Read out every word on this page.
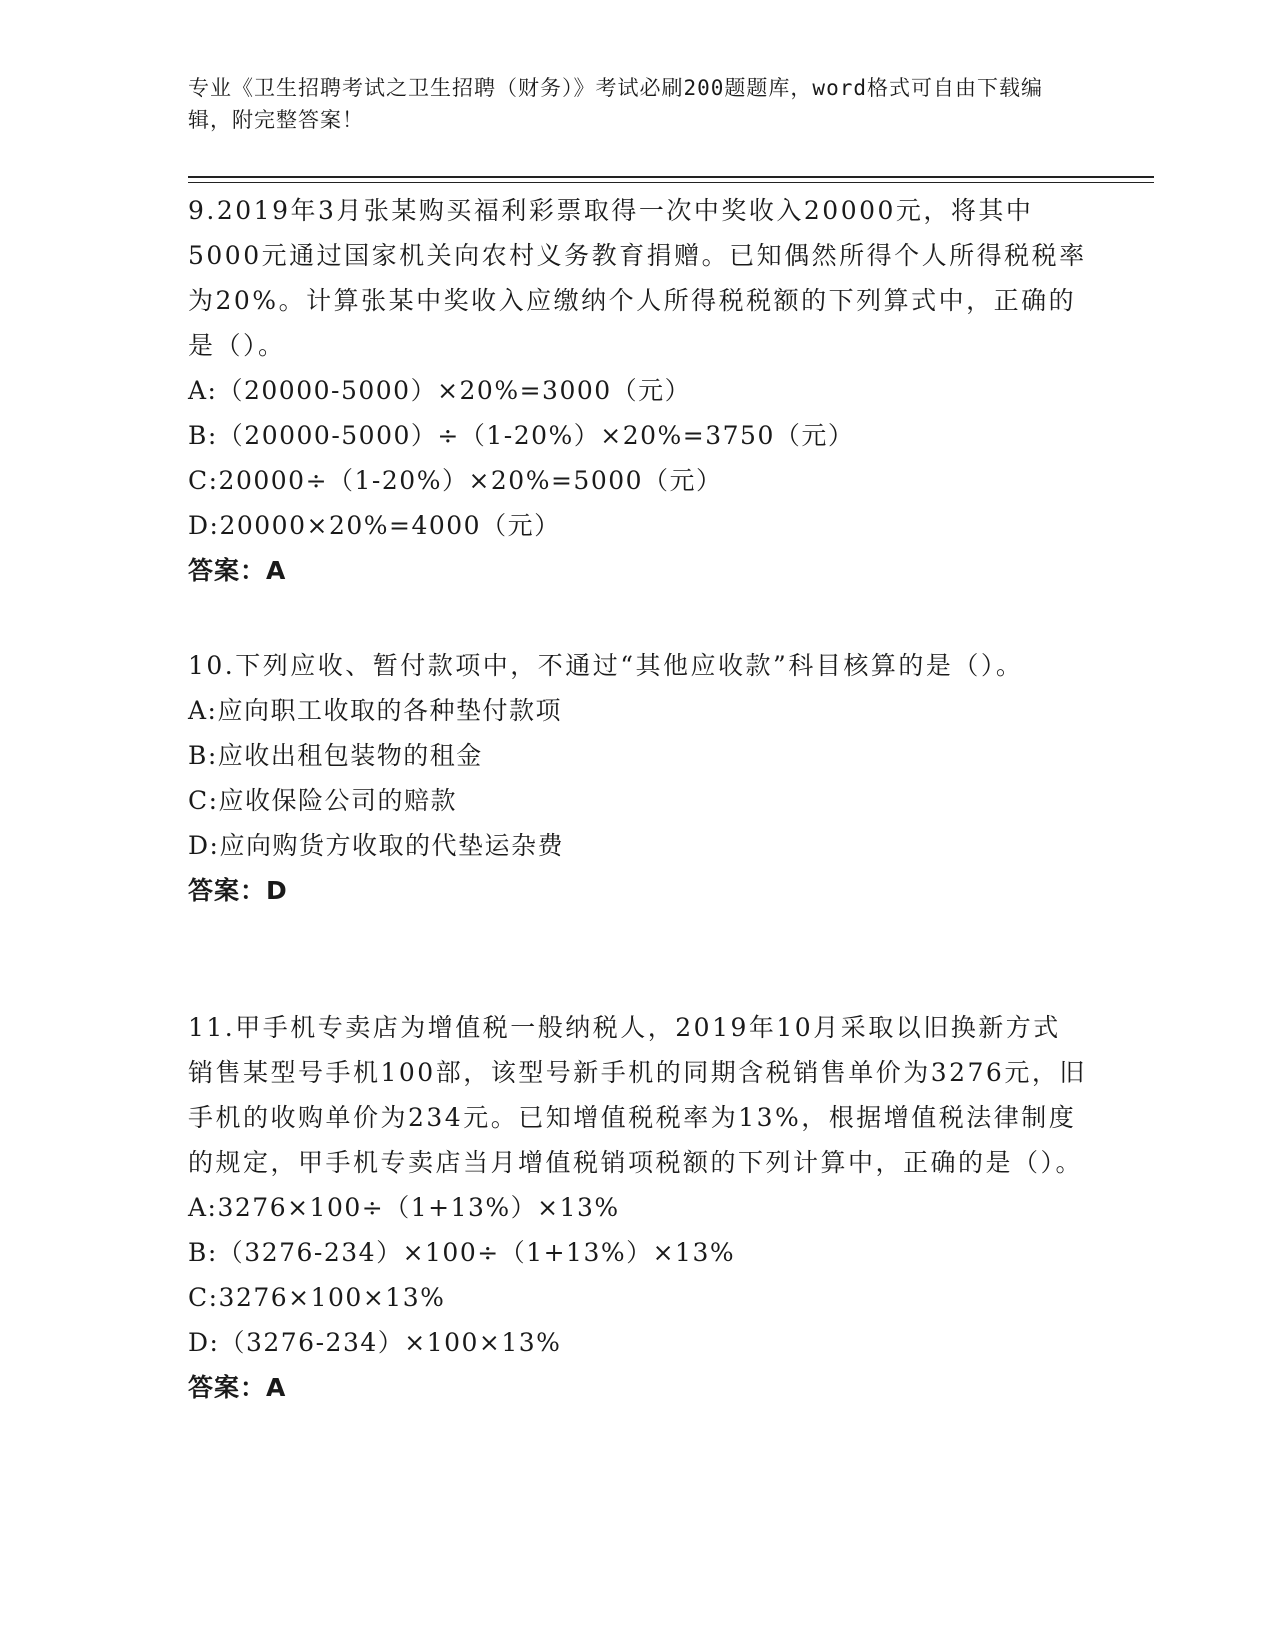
专业《卫生招聘考试之卫生招聘（财务）》考试必刷200题题库，word格式可自由下载编辑，附完整答案！

9.2019年3月张某购买福利彩票取得一次中奖收入20000元，将其中5000元通过国家机关向农村义务教育捐赠。已知偶然所得个人所得税税率为20%。计算张某中奖收入应缴纳个人所得税税额的下列算式中，正确的是（）。

A:（20000-5000）×20%=3000（元）

B:（20000-5000）÷（1-20%）×20%=3750（元）

C:20000÷（1-20%）×20%=5000（元）

D:20000×20%=4000（元）

答案：A

10.下列应收、暂付款项中，不通过“其他应收款”科目核算的是（）。

A:应向职工收取的各种垫付款项

B:应收出租包装物的租金

C:应收保险公司的赔款

D:应向购货方收取的代垫运杂费

答案：D

11.甲手机专卖店为增值税一般纳税人，2019年10月采取以旧换新方式销售某型号手机100部，该型号新手机的同期含税销售单价为3276元，旧手机的收购单价为234元。已知增值税税率为13%，根据增值税法律制度的规定，甲手机专卖店当月增值税销项税额的下列计算中，正确的是（）。

A:3276×100÷（1+13%）×13%

B:（3276-234）×100÷（1+13%）×13%

C:3276×100×13%

D:（3276-234）×100×13%

答案：A
